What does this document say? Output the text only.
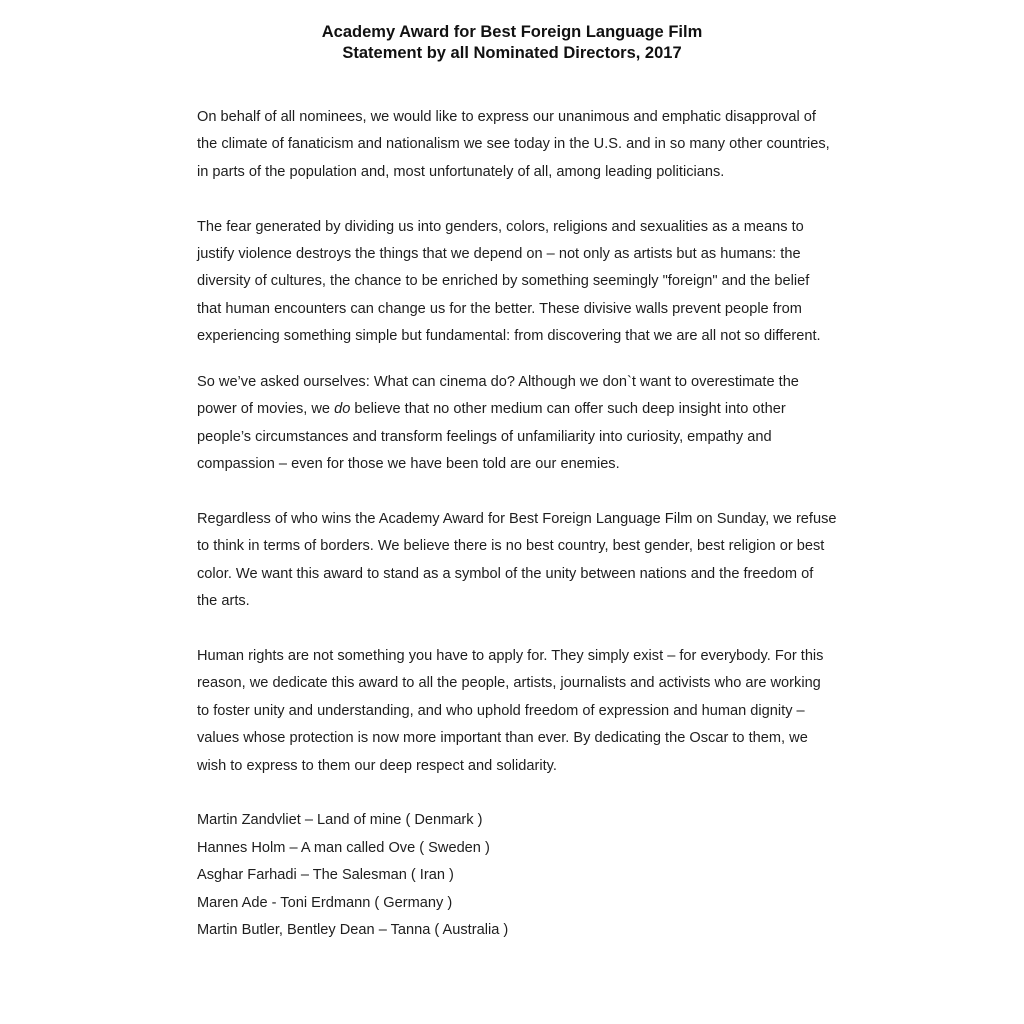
Academy Award for Best Foreign Language Film
Statement by all Nominated Directors, 2017

On behalf of all nominees, we would like to express our unanimous and emphatic disapproval of the climate of fanaticism and nationalism we see today in the U.S. and in so many other countries, in parts of the population and, most unfortunately of all, among leading politicians.

The fear generated by dividing us into genders, colors, religions and sexualities as a means to justify violence destroys the things that we depend on – not only as artists but as humans: the diversity of cultures, the chance to be enriched by something seemingly "foreign" and the belief that human encounters can change us for the better. These divisive walls prevent people from experiencing something simple but fundamental: from discovering that we are all not so different.

So we’ve asked ourselves: What can cinema do? Although we don`t want to overestimate the power of movies, we do believe that no other medium can offer such deep insight into other people’s circumstances and transform feelings of unfamiliarity into curiosity, empathy and compassion – even for those we have been told are our enemies.

Regardless of who wins the Academy Award for Best Foreign Language Film on Sunday, we refuse to think in terms of borders. We believe there is no best country, best gender, best religion or best color. We want this award to stand as a symbol of the unity between nations and the freedom of the arts.

Human rights are not something you have to apply for. They simply exist – for everybody. For this reason, we dedicate this award to all the people, artists, journalists and activists who are working to foster unity and understanding, and who uphold freedom of expression and human dignity – values whose protection is now more important than ever. By dedicating the Oscar to them, we wish to express to them our deep respect and solidarity.

Martin Zandvliet – Land of mine ( Denmark )
Hannes Holm – A man called Ove ( Sweden )
Asghar Farhadi – The Salesman ( Iran )
Maren Ade - Toni Erdmann ( Germany )
Martin Butler, Bentley Dean – Tanna ( Australia )
